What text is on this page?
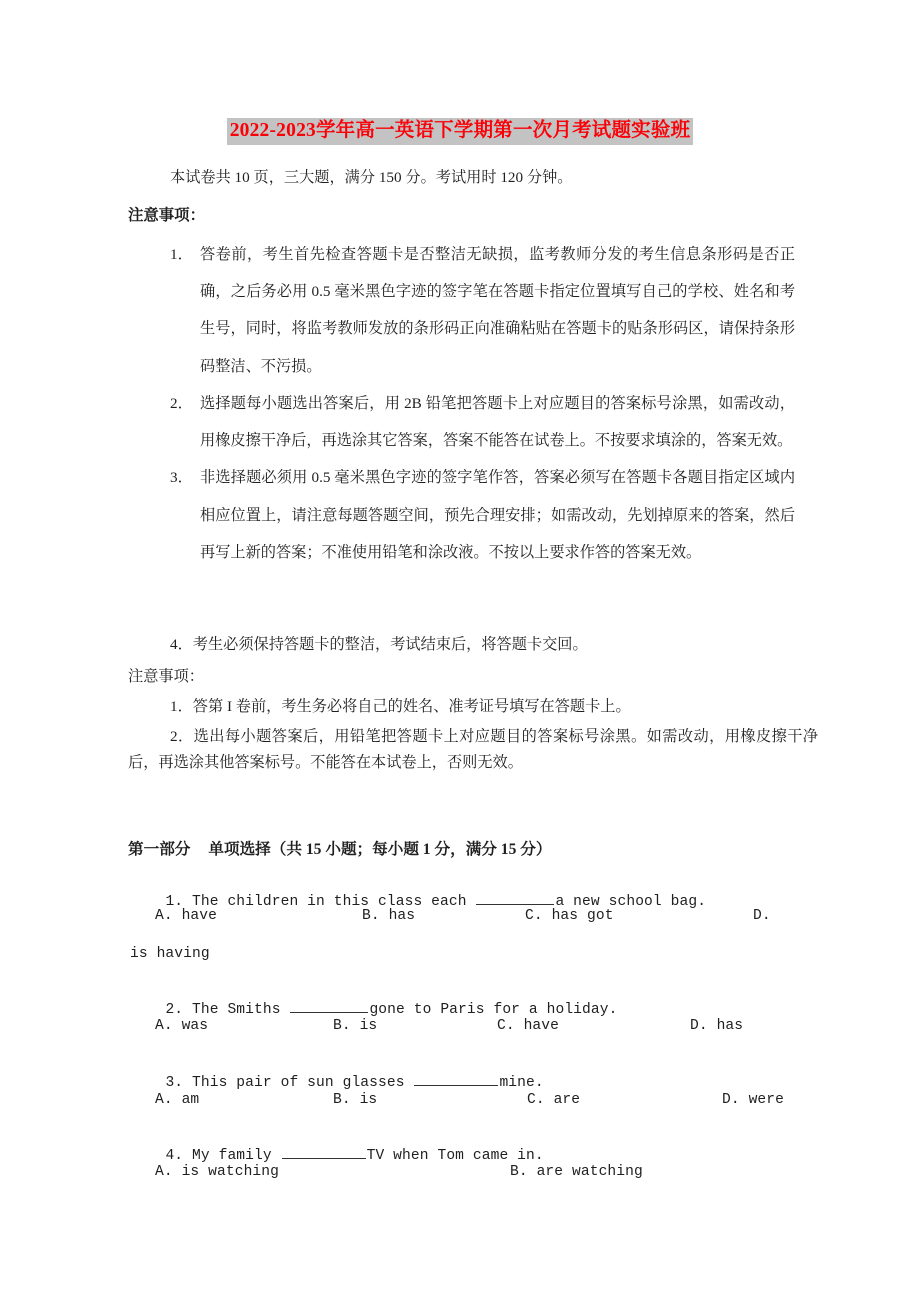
2022-2023学年高一英语下学期第一次月考试题实验班
本试卷共 10 页，三大题，满分 150 分。考试用时 120 分钟。
注意事项：
1． 答卷前，考生首先检查答题卡是否整洁无缺损，监考教师分发的考生信息条形码是否正确，之后务必用 0.5 毫米黑色字迹的签字笔在答题卡指定位置填写自己的学校、姓名和考生号，同时，将监考教师发放的条形码正向准确粘贴在答题卡的贴条形码区，请保持条形码整洁、不污损。
2． 选择题每小题选出答案后，用 2B 铅笔把答题卡上对应题目的答案标号涂黑，如需改动，用橡皮擦干净后，再选涂其它答案，答案不能答在试卷上。不按要求填涂的，答案无效。
3． 非选择题必须用 0.5 毫米黑色字迹的签字笔作答，答案必须写在答题卡各题目指定区域内相应位置上，请注意每题答题空间，预先合理安排；如需改动，先划掉原来的答案，然后再写上新的答案；不准使用铅笔和涂改液。不按以上要求作答的答案无效。
4．考生必须保持答题卡的整洁，考试结束后，将答题卡交回。
注意事项：

1．答第 I 卷前，考生务必将自己的姓名、准考证号填写在答题卡上。

2．选出每小题答案后，用铅笔把答题卡上对应题目的答案标号涂黑。如需改动，用橡皮擦干净后，再选涂其他答案标号。不能答在本试卷上，否则无效。

第一部分 单项选择（共 15 小题；每小题 1 分，满分 15 分）

1. The children in this class each	a new school bag.

A. have	B. has	C. has got	D.
is having

2. The Smiths	gone to Paris for a holiday.

A. was	B. is	C. have	D. has

3. This pair of sun glasses	mine.

A. am	B. is	C. are	D. were

4. My family	TV when Tom came in.

A. is watching	B. are watching
